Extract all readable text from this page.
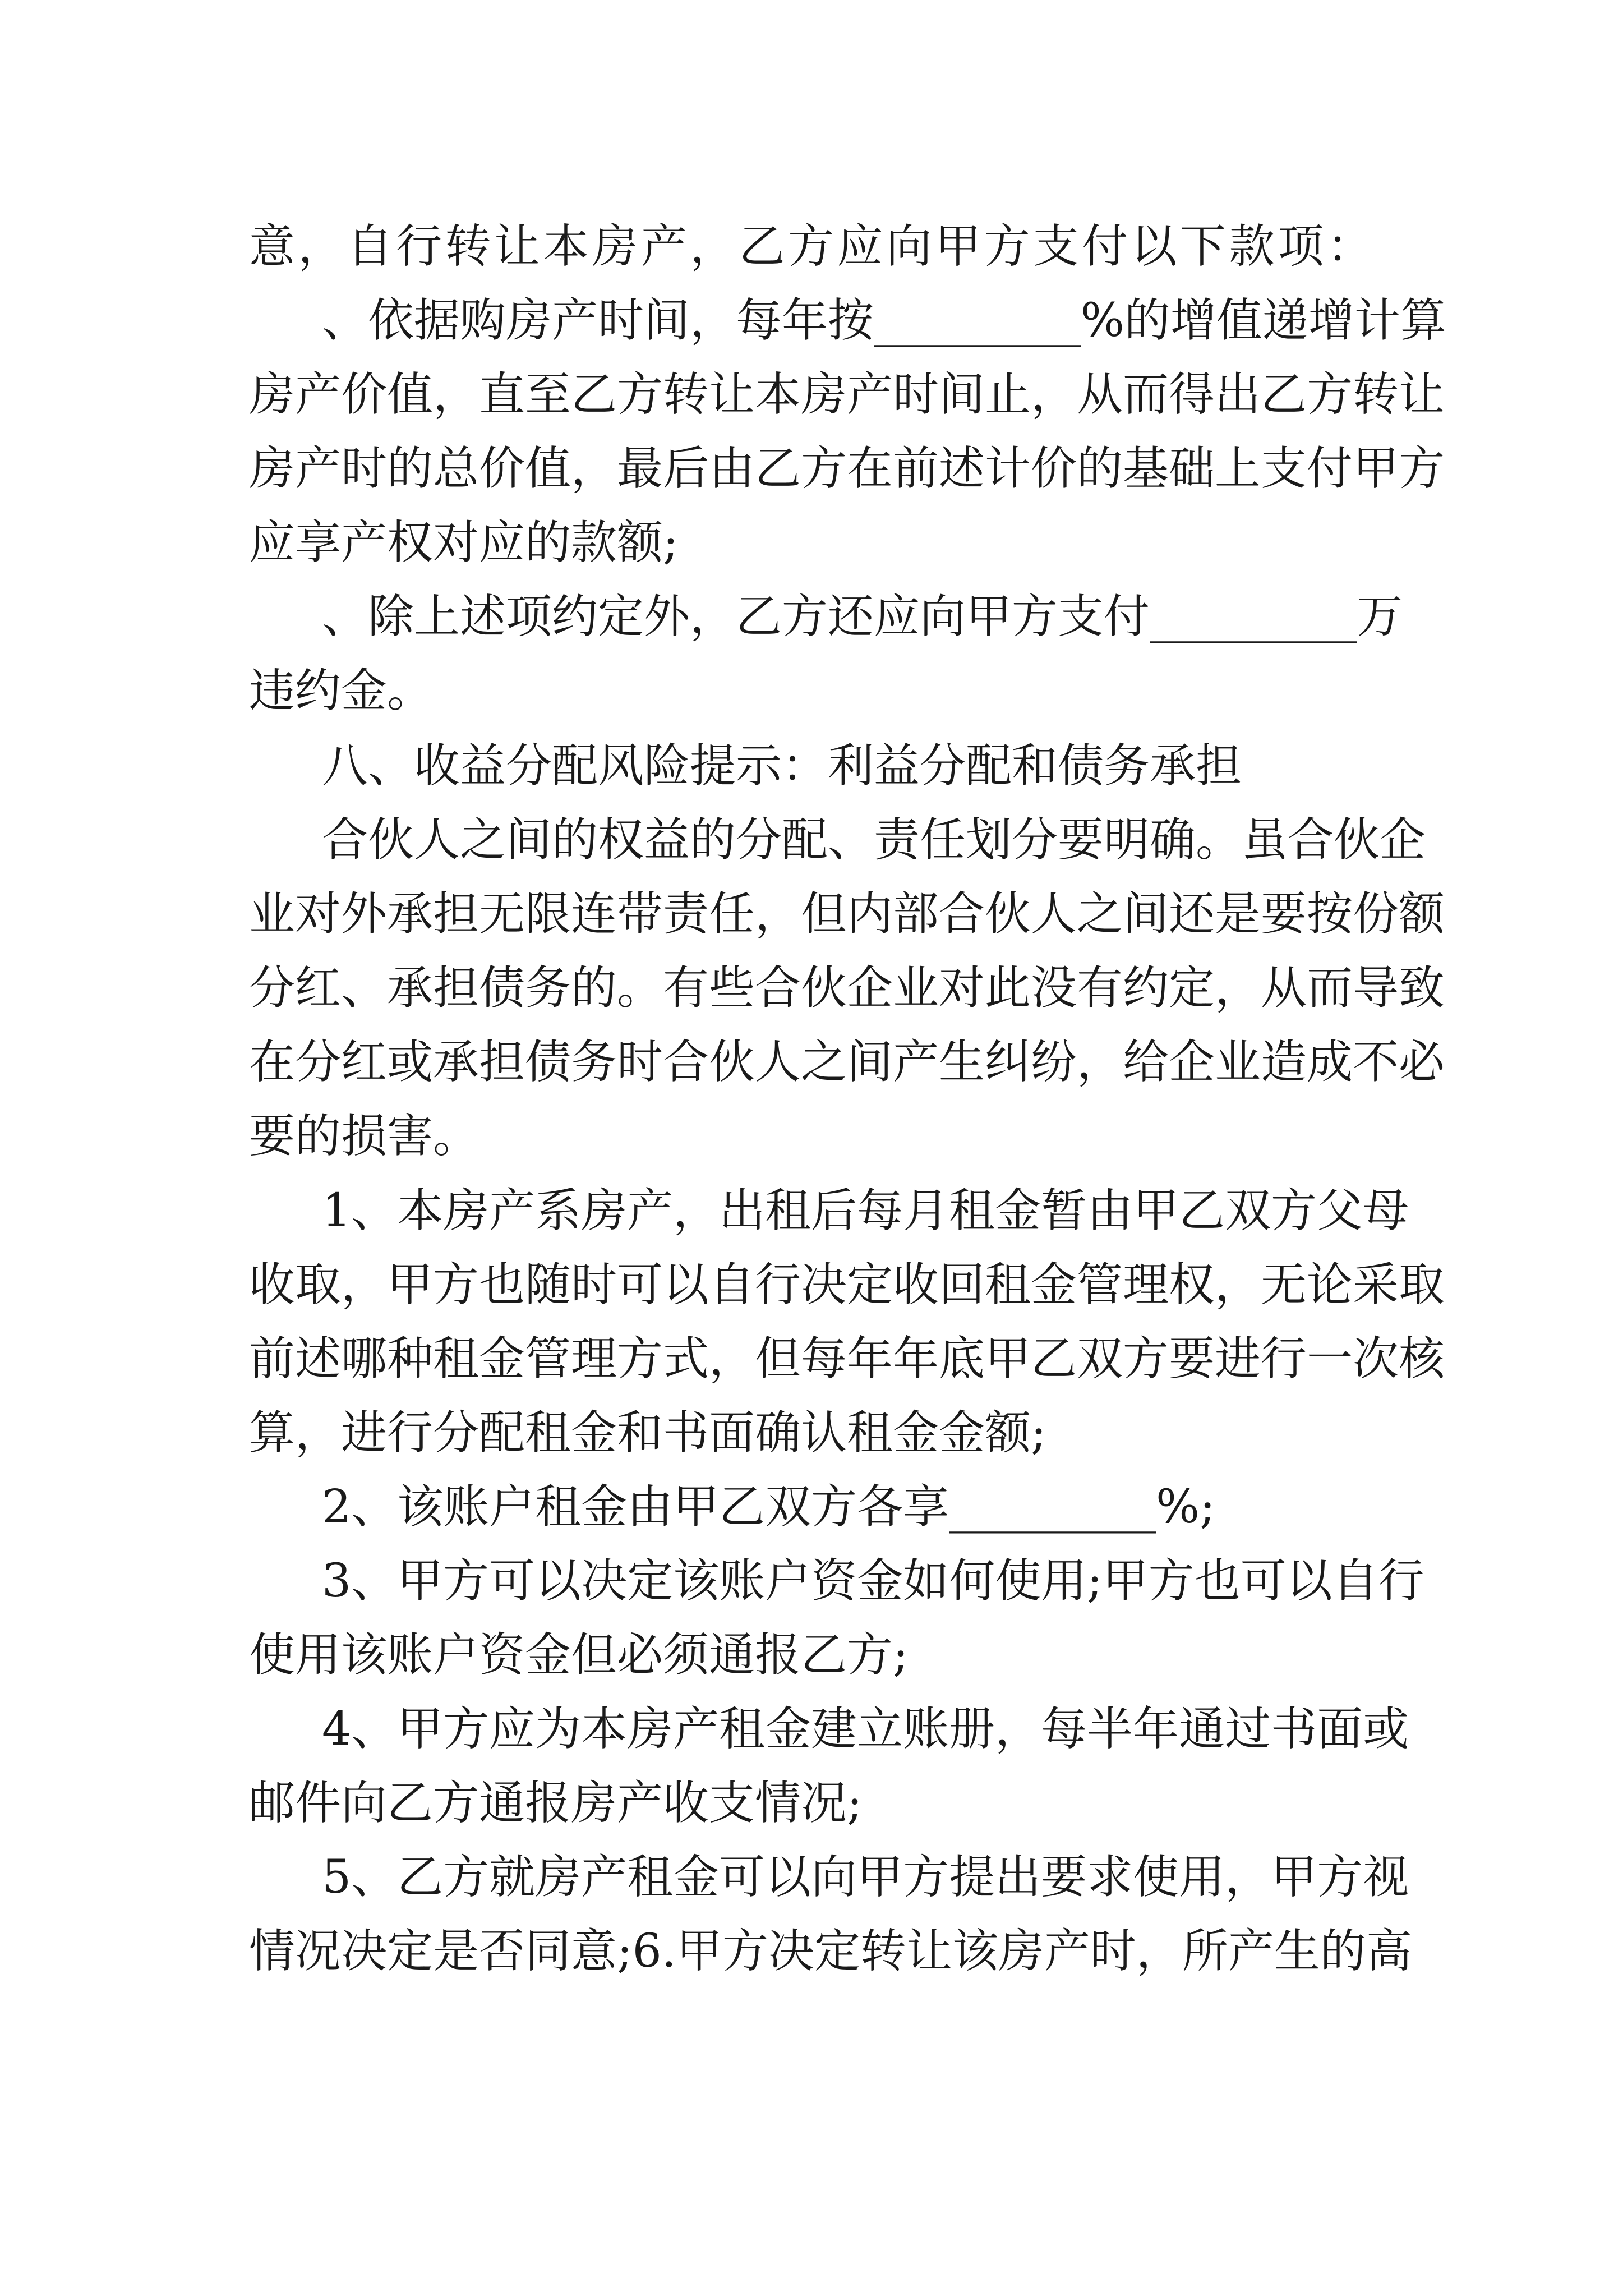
意，自行转让本房产，乙方应向甲方支付以下款项：
、依据购房产时间，每年按_________%的增值递增计算
房产价值，直至乙方转让本房产时间止，从而得出乙方转让
房产时的总价值，最后由乙方在前述计价的基础上支付甲方
应享产权对应的款额;
、除上述项约定外，乙方还应向甲方支付_________万
违约金。
八、收益分配风险提示：利益分配和债务承担
合伙人之间的权益的分配、责任划分要明确。虽合伙企
业对外承担无限连带责任，但内部合伙人之间还是要按份额
分红、承担债务的。有些合伙企业对此没有约定，从而导致
在分红或承担债务时合伙人之间产生纠纷，给企业造成不必
要的损害。
1、本房产系房产，出租后每月租金暂由甲乙双方父母
收取，甲方也随时可以自行决定收回租金管理权，无论采取
前述哪种租金管理方式，但每年年底甲乙双方要进行一次核
算，进行分配租金和书面确认租金金额;
2、该账户租金由甲乙双方各享_________%;
3、甲方可以决定该账户资金如何使用;甲方也可以自行
使用该账户资金但必须通报乙方;
4、甲方应为本房产租金建立账册，每半年通过书面或
邮件向乙方通报房产收支情况;
5、乙方就房产租金可以向甲方提出要求使用，甲方视
情况决定是否同意;6.甲方决定转让该房产时，所产生的高
